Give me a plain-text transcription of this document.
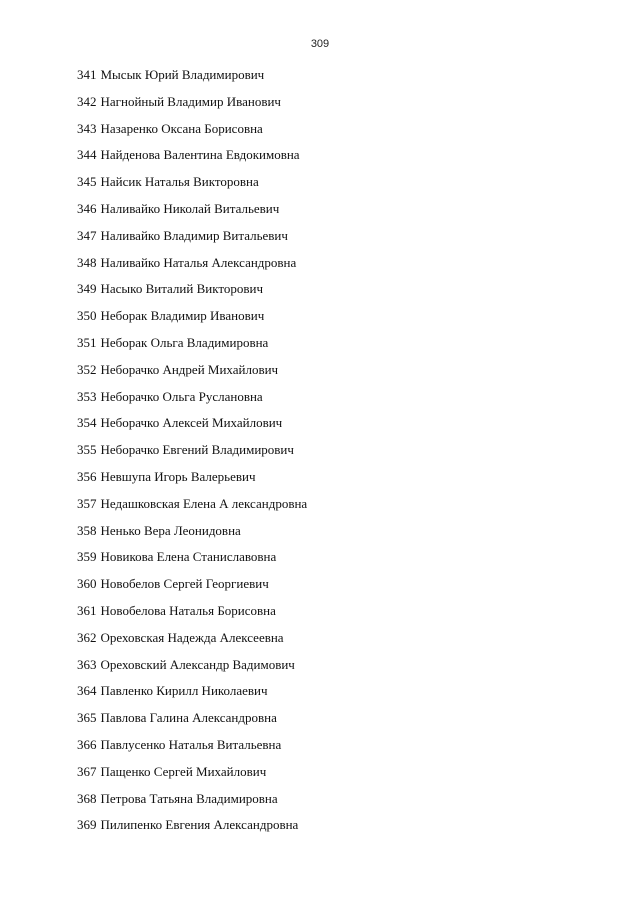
309
341 Мысык Юрий Владимирович
342 Нагнойный Владимир Иванович
343 Назаренко Оксана Борисовна
344 Найденова Валентина Евдокимовна
345 Найсик Наталья Викторовна
346 Наливайко Николай Витальевич
347 Наливайко Владимир Витальевич
348 Наливайко Наталья Александровна
349 Насыко Виталий Викторович
350 Неборак Владимир Иванович
351 Неборак Ольга Владимировна
352 Неборачко Андрей Михайлович
353 Неборачко Ольга Руслановна
354 Неборачко Алексей Михайлович
355 Неборачко Евгений Владимирович
356 Невшупа Игорь Валерьевич
357 Недашковская Елена А лександровна
358 Ненько Вера Леонидовна
359 Новикова Елена Станиславовна
360 Новобелов Сергей Георгиевич
361 Новобелова Наталья Борисовна
362 Ореховская Надежда Алексеевна
363 Ореховский Александр Вадимович
364 Павленко Кирилл Николаевич
365 Павлова Галина Александровна
366 Павлусенко Наталья Витальевна
367 Пащенко Сергей Михайлович
368 Петрова Татьяна Владимировна
369 Пилипенко Евгения Александровна
